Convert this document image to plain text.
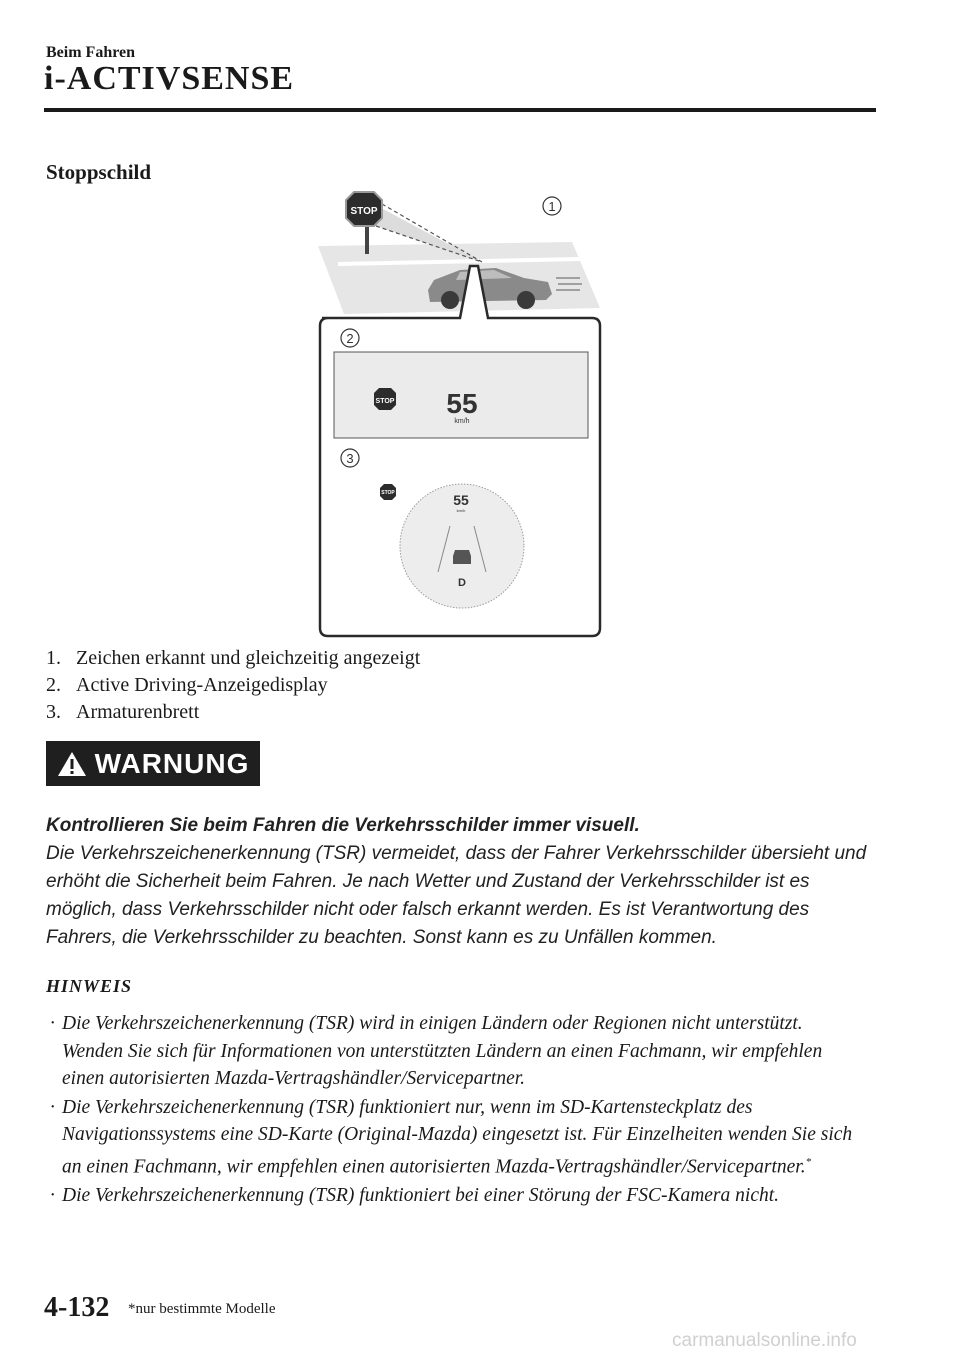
Beim Fahren
i-ACTIVSENSE
Stoppschild
STOP	1
2
STOP 55
km/h
3
STOP	55
km/h
D
1. Zeichen erkannt und gleichzeitig angezeigt
2. Active Driving-Anzeigedisplay
3. Armaturenbrett
WARNUNG

Kontrollieren Sie beim Fahren die Verkehrsschilder immer visuell.

Die Verkehrszeichenerkennung (TSR) vermeidet, dass der Fahrer Verkehrsschilder übersieht und erhöht die Sicherheit beim Fahren. Je nach Wetter und Zustand der Verkehrsschilder ist es möglich, dass Verkehrsschilder nicht oder falsch erkannt werden. Es ist Verantwortung des Fahrers, die Verkehrsschilder zu beachten. Sonst kann es zu Unfällen kommen.

HINWEIS
· Die Verkehrszeichenerkennung (TSR) wird in einigen Ländern oder Regionen nicht unterstützt. Wenden Sie sich für Informationen von unterstützten Ländern an einen Fachmann, wir empfehlen einen autorisierten Mazda-Vertragshändler/Servicepartner.
· Die Verkehrszeichenerkennung (TSR) funktioniert nur, wenn im SD-Kartensteckplatz des Navigationssystems eine SD-Karte (Original-Mazda) eingesetzt ist. Für Einzelheiten wenden Sie sich an einen Fachmann, wir empfehlen einen autorisierten Mazda-Vertragshändler/Servicepartner.*
· Die Verkehrszeichenerkennung (TSR) funktioniert bei einer Störung der FSC-Kamera nicht.
4-132 *nur bestimmte Modelle
carmanualsonline.info
